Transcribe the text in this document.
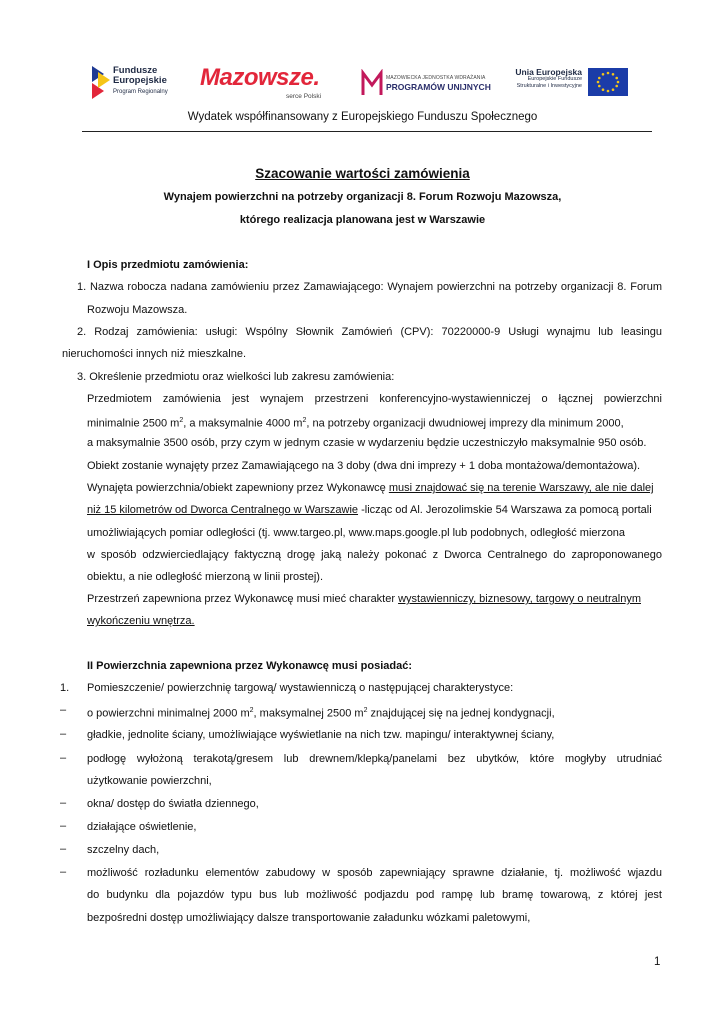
Fundusze
Europejskie
Program Regionalny
Mazowsze.
serce Polski
MAZOWIECKA JEDNOSTKA WDRAŻANIA
PROGRAMÓW UNIJNYCH
Unia Europejska
Europejskie Fundusze
Strukturalne i Inwestycyjne
Wydatek współfinansowany z Europejskiego Funduszu Społecznego
Szacowanie wartości zamówienia
Wynajem powierzchni na potrzeby organizacji 8. Forum Rozwoju Mazowsza,
którego realizacja planowana jest w Warszawie
I Opis przedmiotu zamówienia:
1. Nazwa robocza nadana zamówieniu przez Zamawiającego: Wynajem powierzchni na potrzeby organizacji 8. Forum
Rozwoju Mazowsza.
2. Rodzaj zamówienia: usługi: Wspólny Słownik Zamówień (CPV): 70220000-9 Usługi wynajmu lub leasingu
nieruchomości innych niż mieszkalne.
3. Określenie przedmiotu oraz wielkości lub zakresu zamówienia:
Przedmiotem zamówienia jest wynajem przestrzeni konferencyjno-wystawienniczej o łącznej powierzchni
minimalnie 2500 $m^2$, a maksymalnie 4000 $m^2$, na potrzeby organizacji dwudniowej imprezy dla minimum 2000,
a maksymalnie 3500 osób, przy czym w jednym czasie w wydarzeniu będzie uczestniczyło maksymalnie 950 osób.
Obiekt zostanie wynajęty przez Zamawiającego na 3 doby (dwa dni imprezy + 1 doba montażowa/demontażowa).
Wynajęta powierzchnia/obiekt zapewniony przez Wykonawcę musi znajdować się na terenie Warszawy, ale nie dalej
niż 15 kilometrów od Dworca Centralnego w Warszawie -licząc od Al. Jerozolimskie 54 Warszawa za pomocą portali
umożliwiających pomiar odległości (tj. www.targeo.pl, www.maps.google.pl lub podobnych, odległość mierzona
w sposób odzwierciedlający faktyczną drogę jaką należy pokonać z Dworca Centralnego do zaproponowanego
obiektu, a nie odległość mierzoną w linii prostej).
Przestrzeń zapewniona przez Wykonawcę musi mieć charakter wystawienniczy, biznesowy, targowy o neutralnym
wykończeniu wnętrza.
II Powierzchnia zapewniona przez Wykonawcę musi posiadać:
1. Pomieszczenie/ powierzchnię targową/ wystawienniczą o następującej charakterystyce:
– o powierzchni minimalnej 2000 $m^2$, maksymalnej 2500 $m^2$ znajdującej się na jednej kondygnacji,
– gładkie, jednolite ściany, umożliwiające wyświetlanie na nich tzw. mapingu/ interaktywnej ściany,
– podłogę wyłożoną terakotą/gresem lub drewnem/klepką/panelami bez ubytków, które mogłyby utrudniać
użytkowanie powierzchni,
– okna/ dostęp do światła dziennego,
– działające oświetlenie,
– szczelny dach,
– możliwość rozładunku elementów zabudowy w sposób zapewniający sprawne działanie, tj. możliwość wjazdu
do budynku dla pojazdów typu bus lub możliwość podjazdu pod rampę lub bramę towarową, z której jest
bezpośredni dostęp umożliwiający dalsze transportowanie załadunku wózkami paletowymi,
1
